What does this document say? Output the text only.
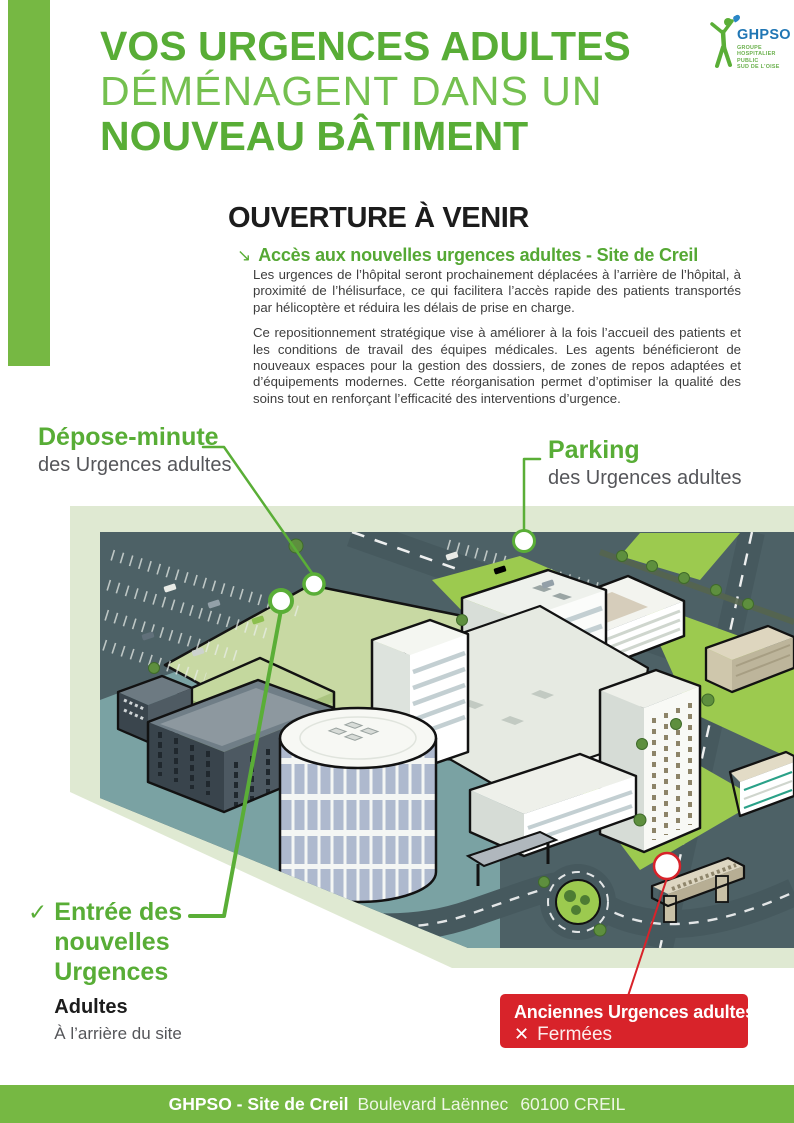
VOS URGENCES ADULTES
DÉMÉNAGENT DANS UN
NOUVEAU BÂTIMENT
GHPSO
GROUPE
HOSPITALIER
PUBLIC
SUD DE L'OISE
OUVERTURE À VENIR
↘ Accès aux nouvelles urgences adultes - Site de Creil

Les urgences de l’hôpital seront prochainement déplacées à l’arrière de l’hôpital, à proximité de l’hélisurface, ce qui facilitera l’accès rapide des patients transportés par hélicoptère et réduira les délais de prise en charge.

Ce repositionnement stratégique vise à améliorer à la fois l’accueil des patients et les conditions de travail des équipes médicales. Les agents bénéficieront de nouveaux espaces pour la gestion des dossiers, de zones de repos adaptées et d’équipements modernes. Cette réorganisation permet d’optimiser la qualité des soins tout en renforçant l’efficacité des interventions d’urgence.

Dépose-minute
des Urgences adultes
Parking
des Urgences adultes
✓ Entrée des
nouvelles
Urgences
Adultes
À l’arrière du site
Anciennes Urgences adultes
✕ Fermées
GHPSO - Site de Creil Boulevard Laënnec 60100 CREIL
